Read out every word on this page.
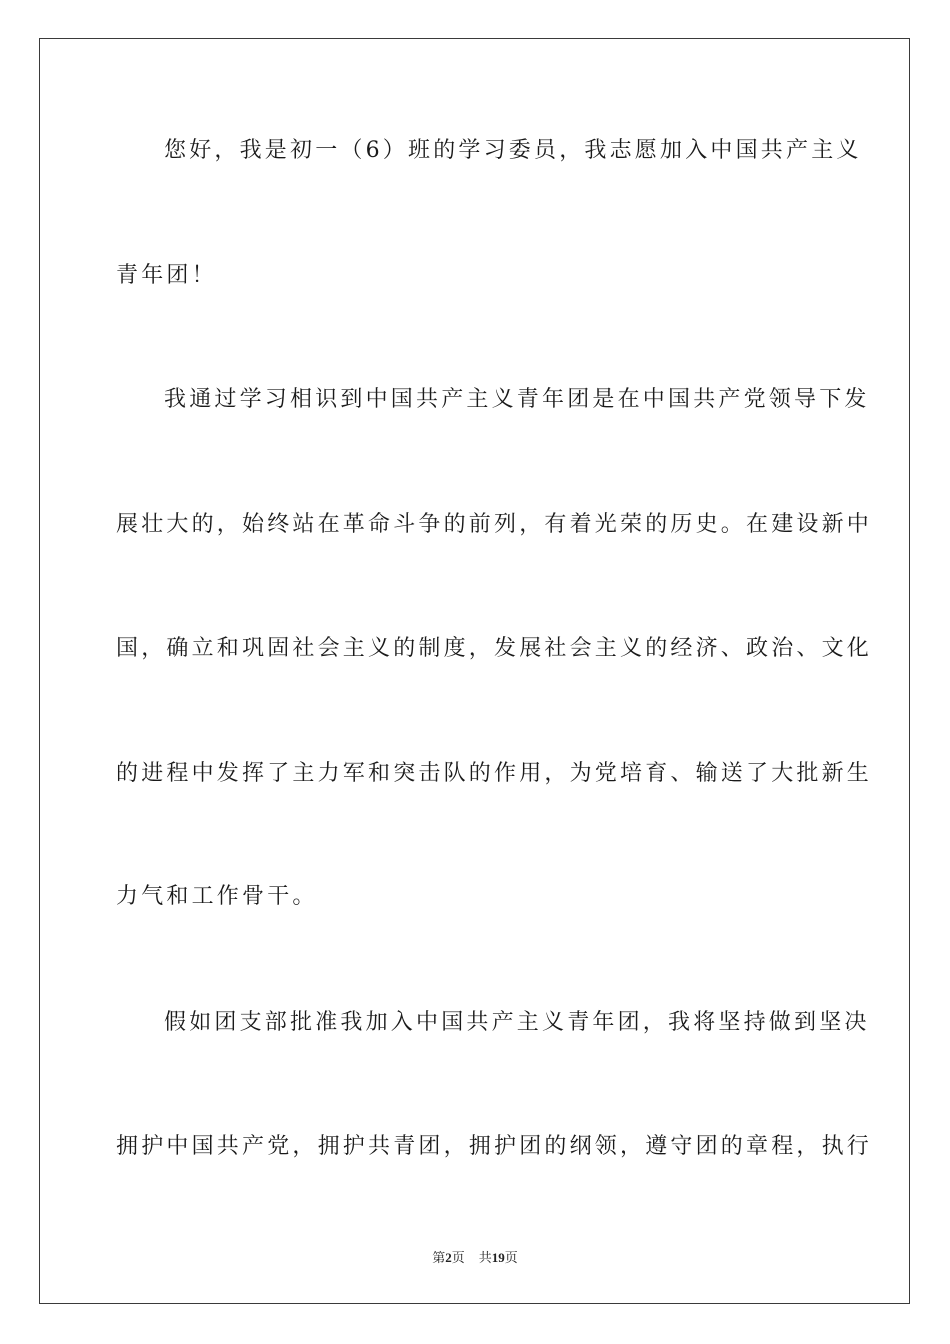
您好，我是初一（6）班的学习委员，我志愿加入中国共产主义
青年团！
我通过学习相识到中国共产主义青年团是在中国共产党领导下发
展壮大的，始终站在革命斗争的前列，有着光荣的历史。在建设新中
国，确立和巩固社会主义的制度，发展社会主义的经济、政治、文化
的进程中发挥了主力军和突击队的作用，为党培育、输送了大批新生
力气和工作骨干。
假如团支部批准我加入中国共产主义青年团，我将坚持做到坚决
拥护中国共产党，拥护共青团，拥护团的纲领，遵守团的章程，执行
第2页 共19页
